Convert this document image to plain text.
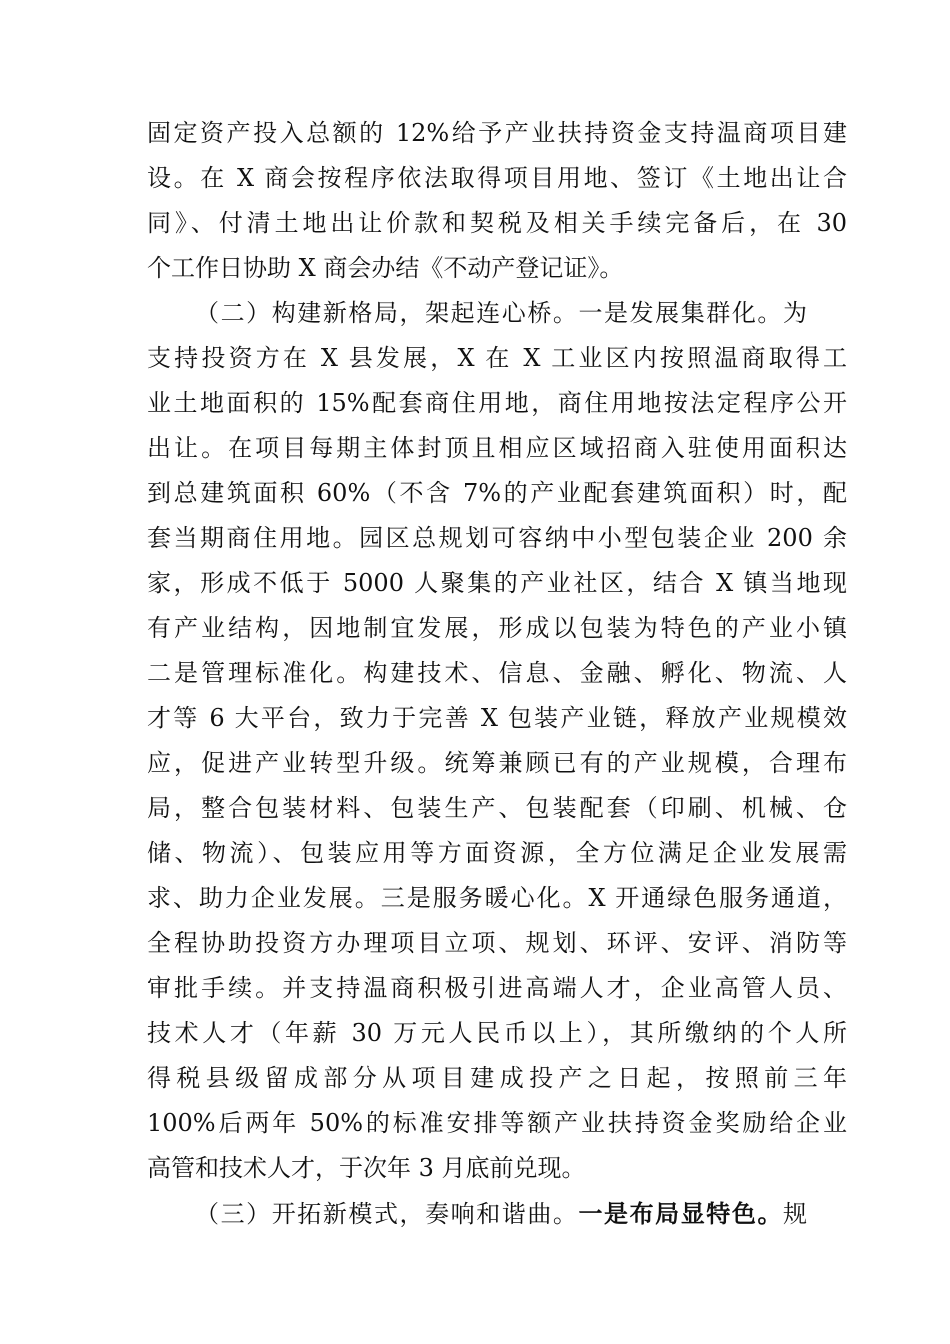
固定资产投入总额的 12%给予产业扶持资金支持温商项目建
设。在 X 商会按程序依法取得项目用地、签订《土地出让合
同》、付清土地出让价款和契税及相关手续完备后，在 30
个工作日协助 X 商会办结《不动产登记证》。
（二）构建新格局，架起连心桥。一是发展集群化。为
支持投资方在 X 县发展，X 在 X 工业区内按照温商取得工
业土地面积的 15%配套商住用地，商住用地按法定程序公开
出让。在项目每期主体封顶且相应区域招商入驻使用面积达
到总建筑面积 60%（不含 7%的产业配套建筑面积）时，配
套当期商住用地。园区总规划可容纳中小型包装企业 200 余
家，形成不低于 5000 人聚集的产业社区，结合 X 镇当地现
有产业结构，因地制宜发展，形成以包装为特色的产业小镇
二是管理标准化。构建技术、信息、金融、孵化、物流、人
才等 6 大平台，致力于完善 X 包装产业链，释放产业规模效
应，促进产业转型升级。统筹兼顾已有的产业规模，合理布
局，整合包装材料、包装生产、包装配套（印刷、机械、仓
储、物流）、包装应用等方面资源，全方位满足企业发展需
求、助力企业发展。三是服务暖心化。X 开通绿色服务通道，
全程协助投资方办理项目立项、规划、环评、安评、消防等
审批手续。并支持温商积极引进高端人才，企业高管人员、
技术人才（年薪 30 万元人民币以上），其所缴纳的个人所
得税县级留成部分从项目建成投产之日起，按照前三年
100%后两年 50%的标准安排等额产业扶持资金奖励给企业
高管和技术人才，于次年 3 月底前兑现。
（三）开拓新模式，奏响和谐曲。一是布局显特色。规
